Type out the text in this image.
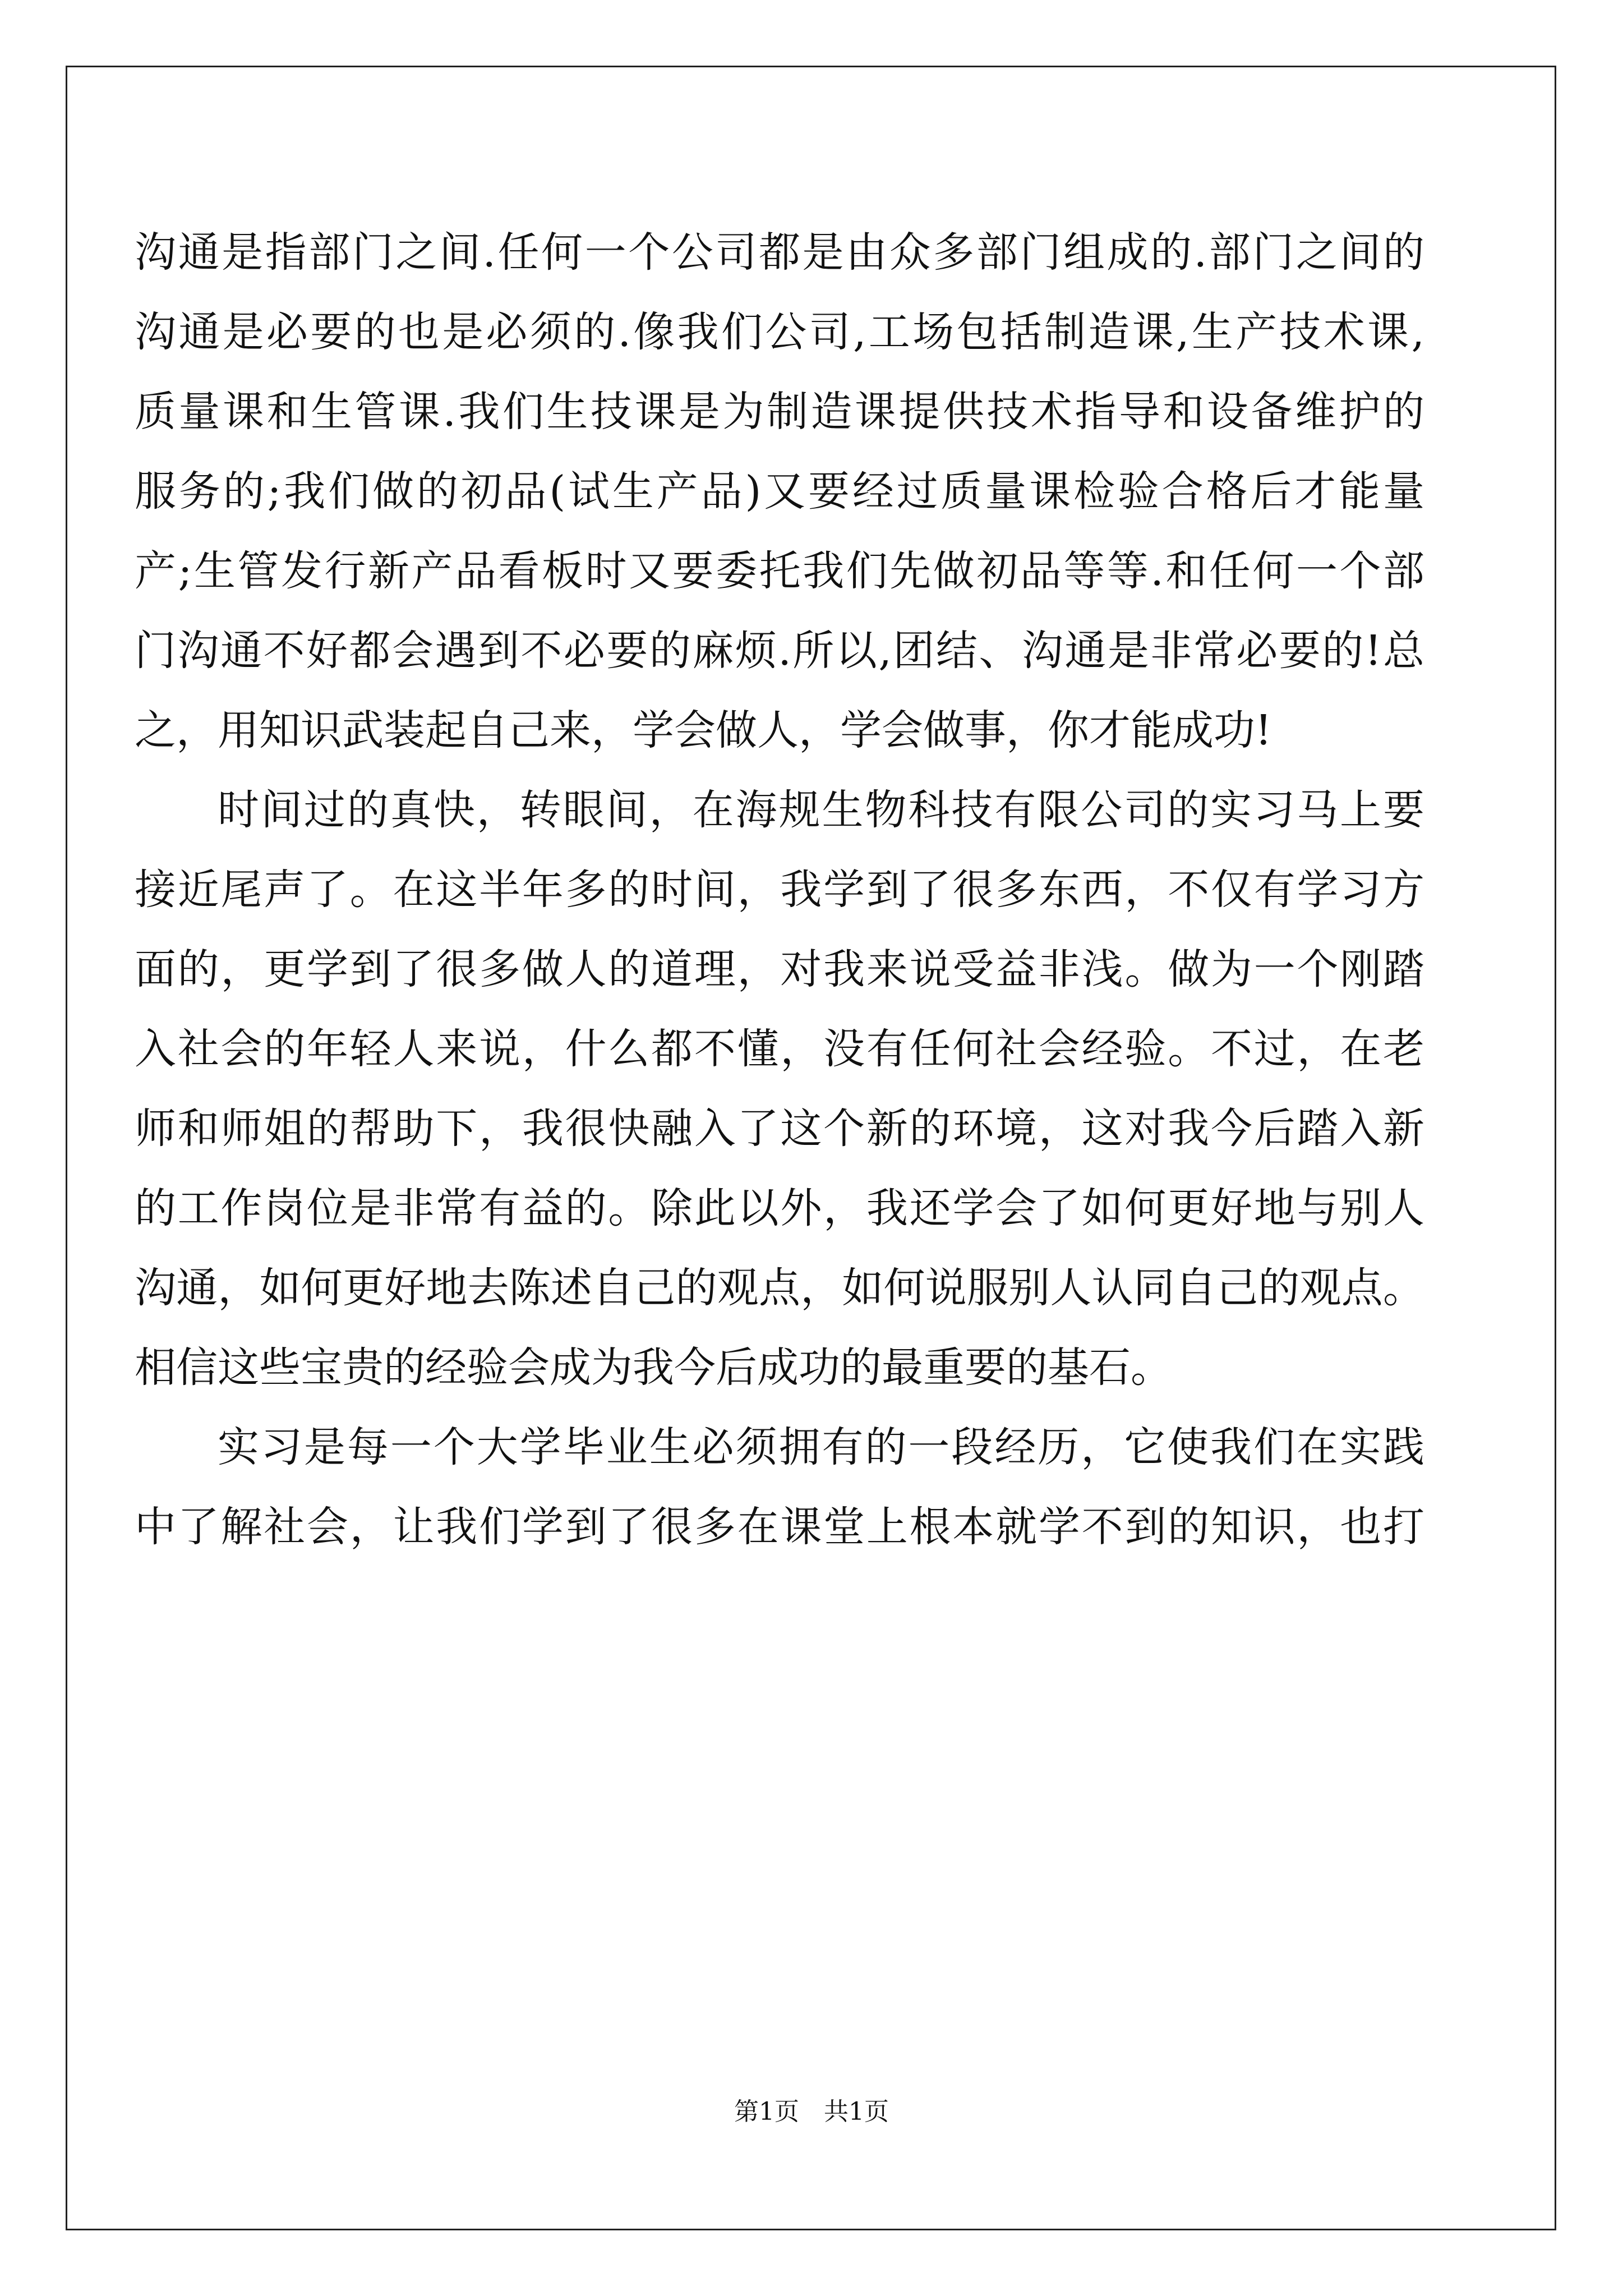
沟通是指部门之间.任何一个公司都是由众多部门组成的.部门之间的
沟通是必要的也是必须的.像我们公司,工场包括制造课,生产技术课,
质量课和生管课.我们生技课是为制造课提供技术指导和设备维护的
服务的;我们做的初品(试生产品)又要经过质量课检验合格后才能量
产;生管发行新产品看板时又要委托我们先做初品等等.和任何一个部
门沟通不好都会遇到不必要的麻烦.所以,团结、沟通是非常必要的!总
之，用知识武装起自己来，学会做人，学会做事，你才能成功!
时间过的真快，转眼间，在海规生物科技有限公司的实习马上要
接近尾声了。在这半年多的时间，我学到了很多东西，不仅有学习方
面的，更学到了很多做人的道理，对我来说受益非浅。做为一个刚踏
入社会的年轻人来说，什么都不懂，没有任何社会经验。不过，在老
师和师姐的帮助下，我很快融入了这个新的环境，这对我今后踏入新
的工作岗位是非常有益的。除此以外，我还学会了如何更好地与别人
沟通，如何更好地去陈述自己的观点，如何说服别人认同自己的观点。
相信这些宝贵的经验会成为我今后成功的最重要的基石。
实习是每一个大学毕业生必须拥有的一段经历，它使我们在实践
中了解社会，让我们学到了很多在课堂上根本就学不到的知识，也打
第1页　共1页
